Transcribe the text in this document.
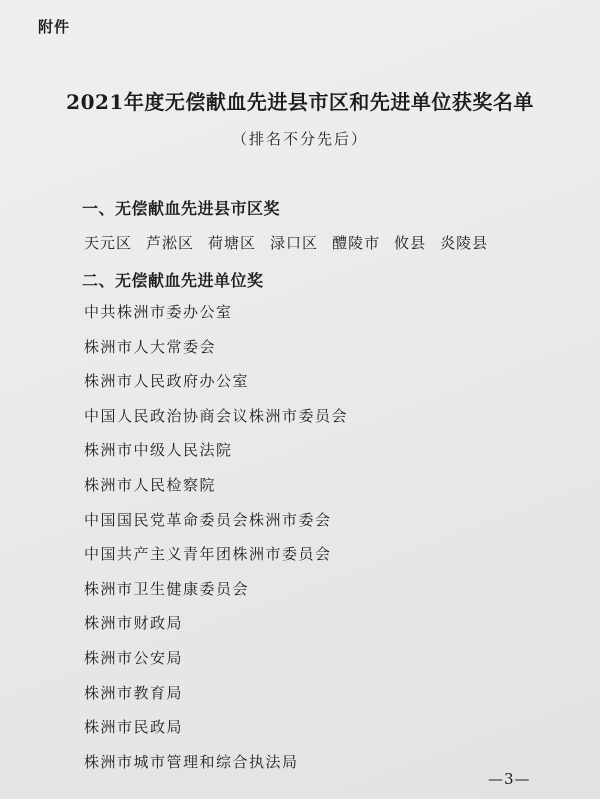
附件
2021年度无偿献血先进县市区和先进单位获奖名单
（排名不分先后）
一、无偿献血先进县市区奖
天元区 芦淞区 荷塘区 渌口区 醴陵市 攸县 炎陵县
二、无偿献血先进单位奖
中共株洲市委办公室
株洲市人大常委会
株洲市人民政府办公室
中国人民政治协商会议株洲市委员会
株洲市中级人民法院
株洲市人民检察院
中国国民党革命委员会株洲市委会
中国共产主义青年团株洲市委员会
株洲市卫生健康委员会
株洲市财政局
株洲市公安局
株洲市教育局
株洲市民政局
株洲市城市管理和综合执法局
—3—
